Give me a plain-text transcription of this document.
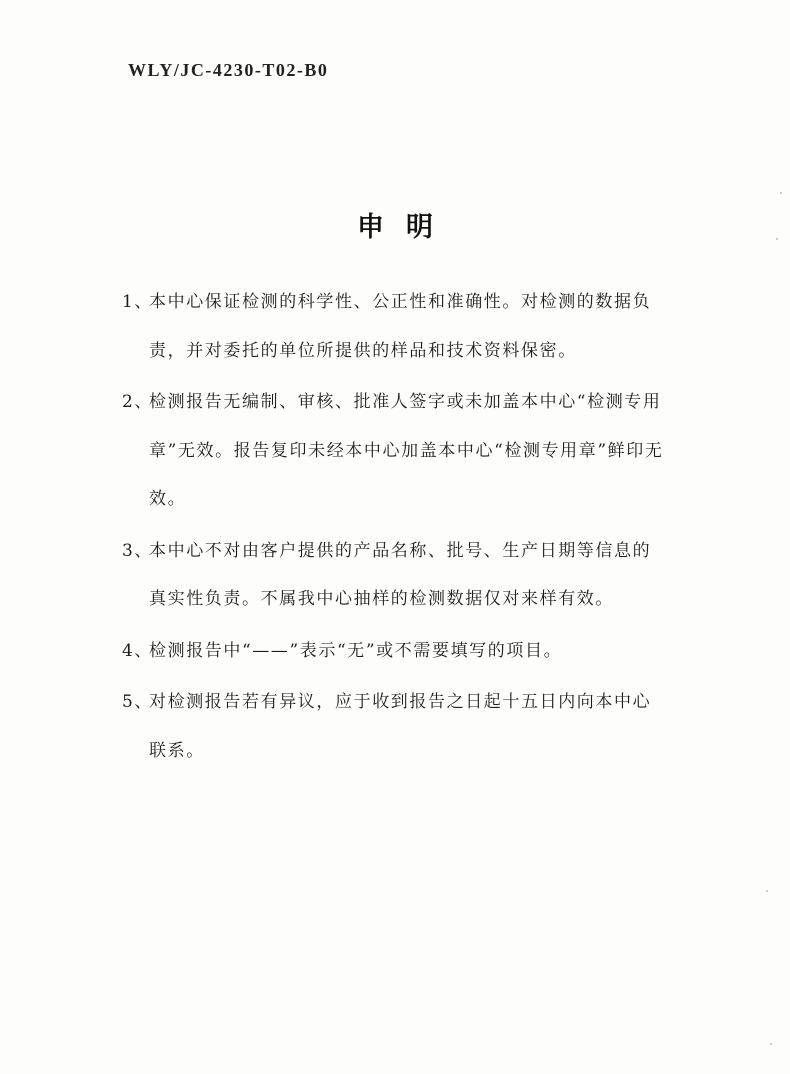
WLY/JC-4230-T02-B0
申明
1、
本中心保证检测的科学性、公正性和准确性。对检测的数据负责，并对委托的单位所提供的样品和技术资料保密。
2、
检测报告无编制、审核、批准人签字或未加盖本中心“检测专用章”无效。报告复印未经本中心加盖本中心“检测专用章”鲜印无效。
3、
本中心不对由客户提供的产品名称、批号、生产日期等信息的真实性负责。不属我中心抽样的检测数据仅对来样有效。
4、
检测报告中“——”表示“无”或不需要填写的项目。
5、
对检测报告若有异议，应于收到报告之日起十五日内向本中心联系。
